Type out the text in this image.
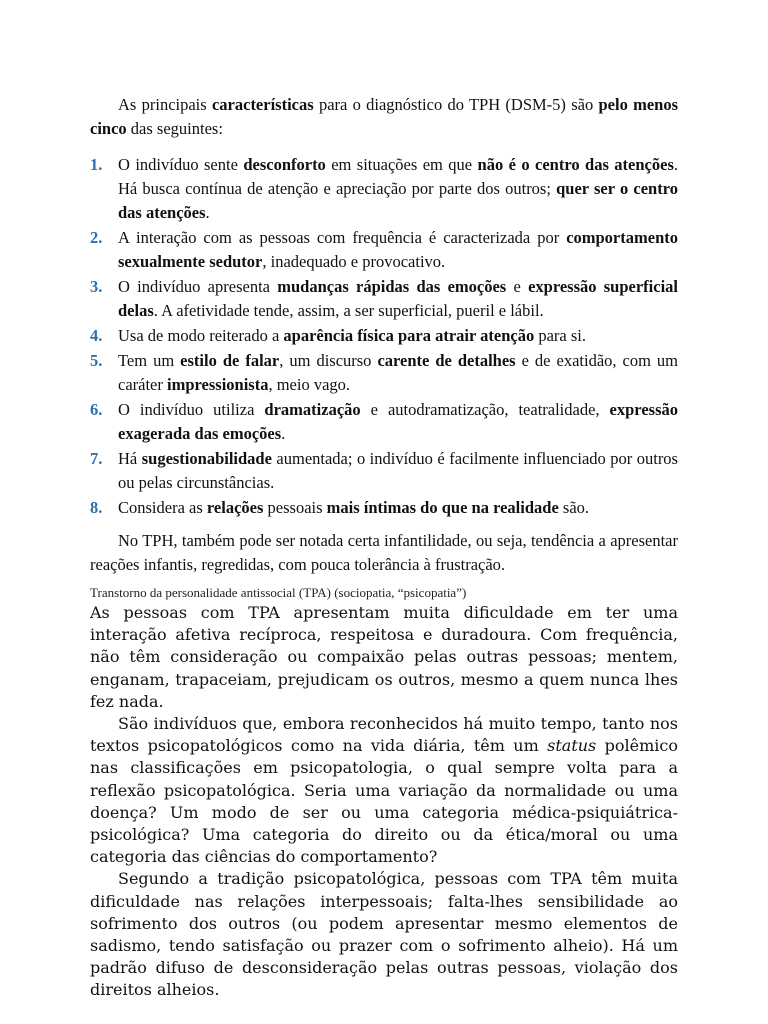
As principais características para o diagnóstico do TPH (DSM-5) são pelo menos cinco das seguintes:

1. O indivíduo sente desconforto em situações em que não é o centro das atenções. Há busca contínua de atenção e apreciação por parte dos outros; quer ser o centro das atenções.
2. A interação com as pessoas com frequência é caracterizada por comportamento sexualmente sedutor, inadequado e provocativo.
3. O indivíduo apresenta mudanças rápidas das emoções e expressão superficial delas. A afetividade tende, assim, a ser superficial, pueril e lábil.
4. Usa de modo reiterado a aparência física para atrair atenção para si.
5. Tem um estilo de falar, um discurso carente de detalhes e de exatidão, com um caráter impressionista, meio vago.
6. O indivíduo utiliza dramatização e autodramatização, teatralidade, expressão exagerada das emoções.
7. Há sugestionabilidade aumentada; o indivíduo é facilmente influenciado por outros ou pelas circunstâncias.
8. Considera as relações pessoais mais íntimas do que na realidade são.

No TPH, também pode ser notada certa infantilidade, ou seja, tendência a apresentar reações infantis, regredidas, com pouca tolerância à frustração.

Transtorno da personalidade antissocial (TPA) (sociopatia, “psicopatia”)

As pessoas com TPA apresentam muita dificuldade em ter uma interação afetiva recíproca, respeitosa e duradoura. Com frequência, não têm consideração ou compaixão pelas outras pessoas; mentem, enganam, trapaceiam, prejudicam os outros, mesmo a quem nunca lhes fez nada.

São indivíduos que, embora reconhecidos há muito tempo, tanto nos textos psicopatológicos como na vida diária, têm um status polêmico nas classificações em psicopatologia, o qual sempre volta para a reflexão psicopatológica. Seria uma variação da normalidade ou uma doença? Um modo de ser ou uma categoria médica-psiquiátrica-psicológica? Uma categoria do direito ou da ética/moral ou uma categoria das ciências do comportamento?

Segundo a tradição psicopatológica, pessoas com TPA têm muita dificuldade nas relações interpessoais; falta-lhes sensibilidade ao sofrimento dos outros (ou podem apresentar mesmo elementos de sadismo, tendo satisfação ou prazer com o sofrimento alheio). Há um padrão difuso de desconsideração pelas outras pessoas, violação dos direitos alheios.
